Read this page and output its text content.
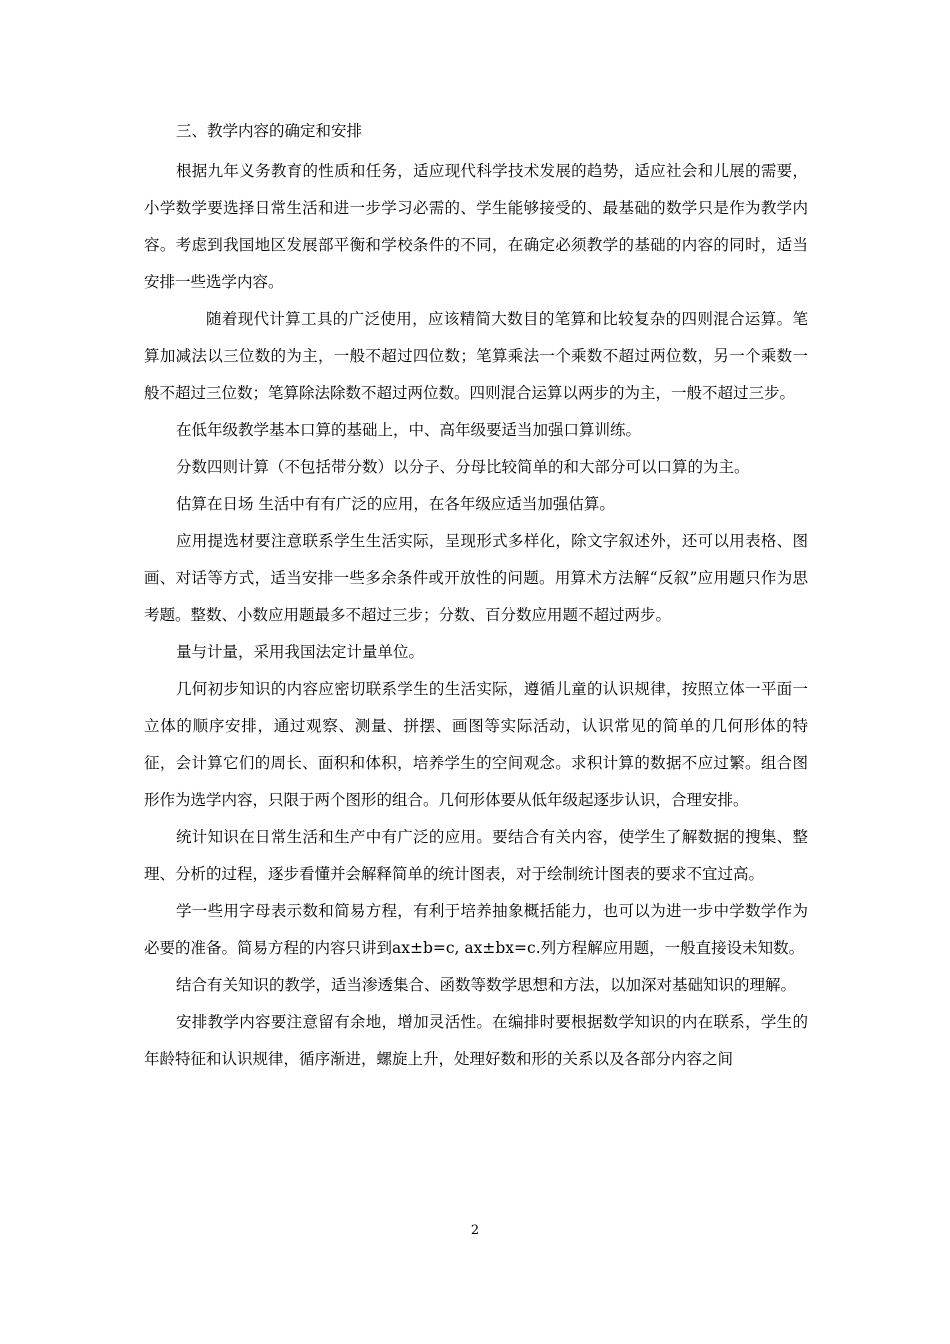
三、教学内容的确定和安排

根据九年义务教育的性质和任务，适应现代科学技术发展的趋势，适应社会和儿展的需要，小学数学要选择日常生活和进一步学习必需的、学生能够接受的、最基础的数学只是作为教学内容。考虑到我国地区发展部平衡和学校条件的不同，在确定必须教学的基础的内容的同时，适当安排一些选学内容。

随着现代计算工具的广泛使用，应该精简大数目的笔算和比较复杂的四则混合运算。笔算加减法以三位数的为主，一般不超过四位数；笔算乘法一个乘数不超过两位数，另一个乘数一般不超过三位数；笔算除法除数不超过两位数。四则混合运算以两步的为主，一般不超过三步。

在低年级教学基本口算的基础上，中、高年级要适当加强口算训练。

分数四则计算（不包括带分数）以分子、分母比较简单的和大部分可以口算的为主。

估算在日场 生活中有有广泛的应用，在各年级应适当加强估算。

应用提选材要注意联系学生生活实际，呈现形式多样化，除文字叙述外，还可以用表格、图画、对话等方式，适当安排一些多余条件或开放性的问题。用算术方法解“反叙”应用题只作为思考题。整数、小数应用题最多不超过三步；分数、百分数应用题不超过两步。

量与计量，采用我国法定计量单位。

几何初步知识的内容应密切联系学生的生活实际，遵循儿童的认识规律，按照立体一平面一立体的顺序安排，通过观察、测量、拼摆、画图等实际活动，认识常见的简单的几何形体的特征，会计算它们的周长、面积和体积，培养学生的空间观念。求积计算的数据不应过繁。组合图形作为选学内容，只限于两个图形的组合。几何形体要从低年级起逐步认识，合理安排。

统计知识在日常生活和生产中有广泛的应用。要结合有关内容，使学生了解数据的搜集、整理、分析的过程，逐步看懂并会解释简单的统计图表，对于绘制统计图表的要求不宜过高。

学一些用字母表示数和简易方程，有利于培养抽象概括能力，也可以为进一步中学数学作为必要的准备。简易方程的内容只讲到ax±b=c, ax±bx=c.列方程解应用题，一般直接设未知数。

结合有关知识的教学，适当渗透集合、函数等数学思想和方法，以加深对基础知识的理解。

安排教学内容要注意留有余地，增加灵活性。在编排时要根据数学知识的内在联系，学生的年龄特征和认识规律，循序渐进，螺旋上升，处理好数和形的关系以及各部分内容之间

2
